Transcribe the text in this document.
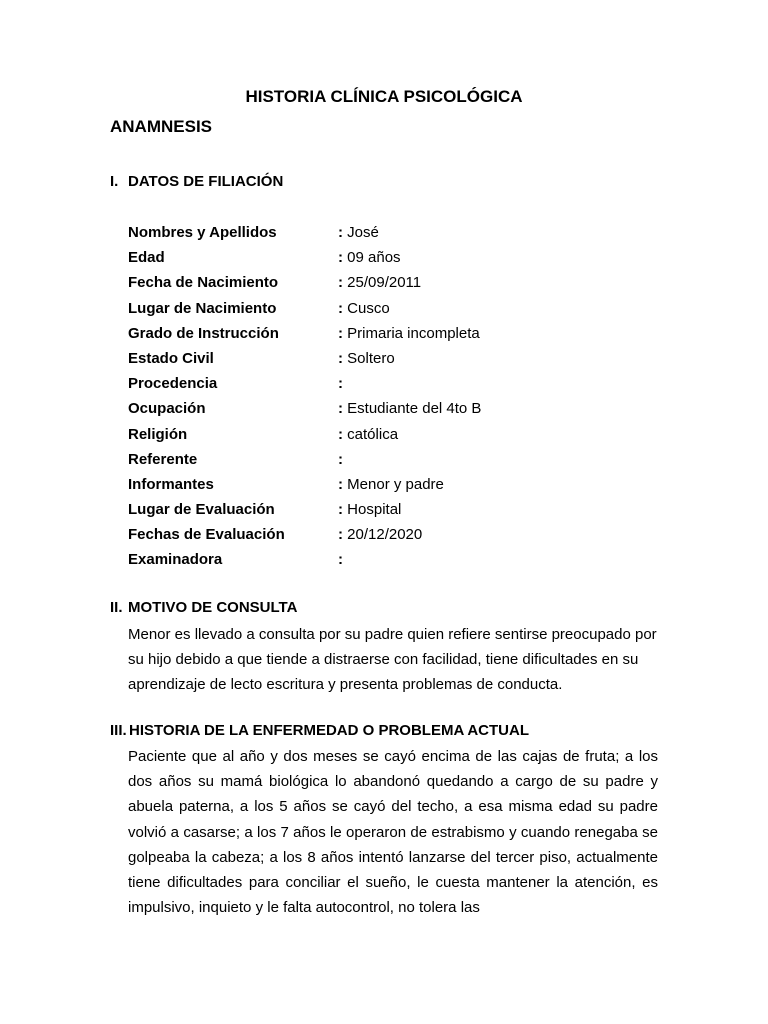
HISTORIA CLÍNICA PSICOLÓGICA
ANAMNESIS
I. DATOS DE FILIACIÓN
Nombres y Apellidos	: José
Edad	: 09 años
Fecha de Nacimiento	: 25/09/2011
Lugar de Nacimiento	: Cusco
Grado de Instrucción	: Primaria incompleta
Estado Civil	: Soltero
Procedencia	:
Ocupación	: Estudiante del 4to B
Religión	: católica
Referente	:
Informantes	: Menor y padre
Lugar de Evaluación	: Hospital
Fechas de Evaluación	: 20/12/2020
Examinadora	:
II. MOTIVO DE CONSULTA

Menor es llevado a consulta por su padre quien refiere sentirse preocupado por su hijo debido a que tiende a distraerse con facilidad, tiene dificultades en su aprendizaje de lecto escritura y presenta problemas de conducta.

III. HISTORIA DE LA ENFERMEDAD O PROBLEMA ACTUAL

Paciente que al año y dos meses se cayó encima de las cajas de fruta; a los dos años su mamá biológica lo abandonó quedando a cargo de su padre y abuela paterna, a los 5 años se cayó del techo, a esa misma edad su padre volvió a casarse; a los 7 años le operaron de estrabismo y cuando renegaba se golpeaba la cabeza; a los 8 años intentó lanzarse del tercer piso, actualmente tiene dificultades para conciliar el sueño, le cuesta mantener la atención, es impulsivo, inquieto y le falta autocontrol, no tolera las
